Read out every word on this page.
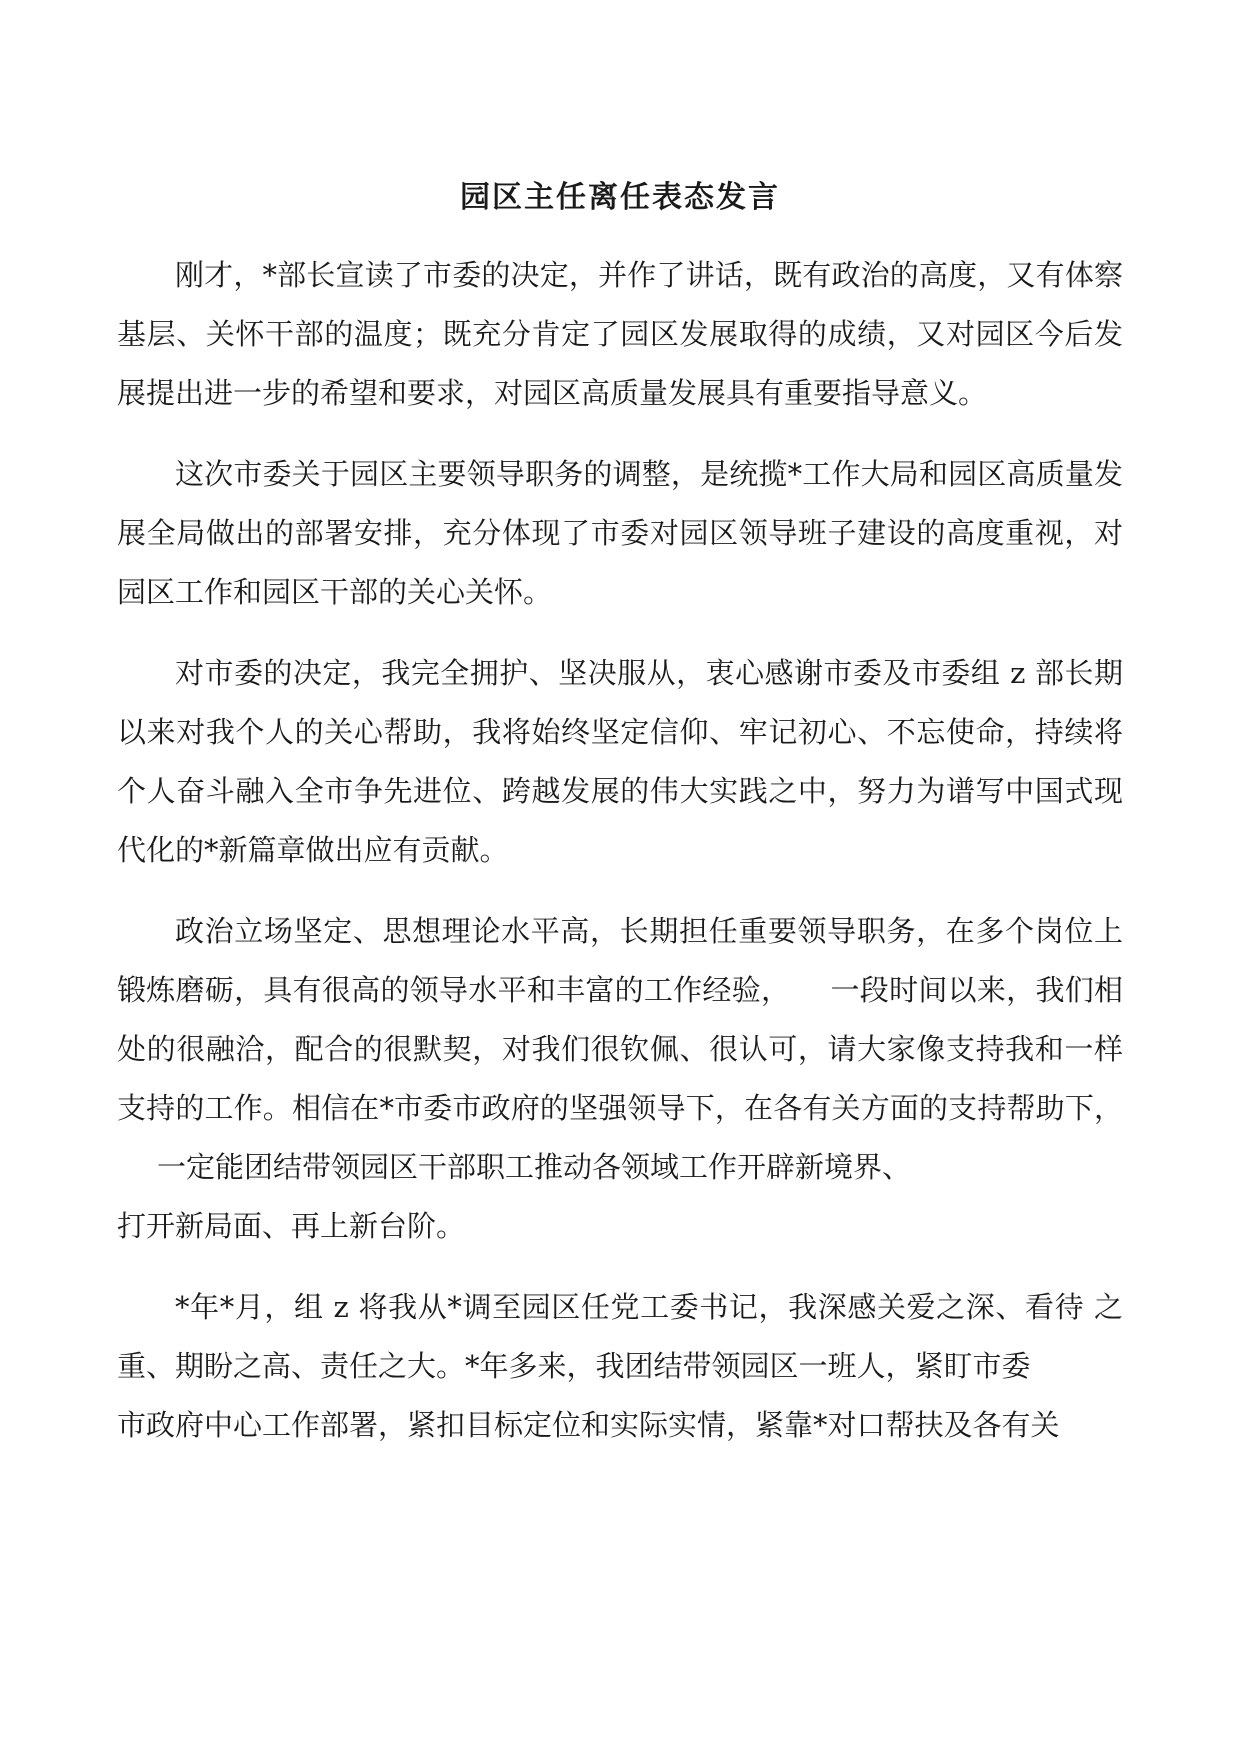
园区主任离任表态发言

刚才，*部长宣读了市委的决定，并作了讲话，既有政治的高度，又有体察基层、关怀干部的温度；既充分肯定了园区发展取得的成绩，又对园区今后发展提出进一步的希望和要求，对园区高质量发展具有重要指导意义。

这次市委关于园区主要领导职务的调整，是统揽*工作大局和园区高质量发展全局做出的部署安排，充分体现了市委对园区领导班子建设的高度重视，对园区工作和园区干部的关心关怀。

对市委的决定，我完全拥护、坚决服从，衷心感谢市委及市委组 z 部长期以来对我个人的关心帮助，我将始终坚定信仰、牢记初心、不忘使命，持续将个人奋斗融入全市争先进位、跨越发展的伟大实践之中，努力为谱写中国式现代化的*新篇章做出应有贡献。

政治立场坚定、思想理论水平高，长期担任重要领导职务，在多个岗位上锻炼磨砺，具有很高的领导水平和丰富的工作经验， 一段时间以来，我们相处的很融洽，配合的很默契，对我们很钦佩、很认可，请大家像支持我和一样支持的工作。相信在*市委市政府的坚强领导下，在各有关方面的支持帮助下，一定能团结带领园区干部职工推动各领域工作开辟新境界、

打开新局面、再上新台阶。

*年*月，组 z 将我从*调至园区任党工委书记，我深感关爱之深、看待 之重、期盼之高、责任之大。*年多来，我团结带领园区一班人，紧盯市委

市政府中心工作部署，紧扣目标定位和实际实情，紧靠*对口帮扶及各有关
